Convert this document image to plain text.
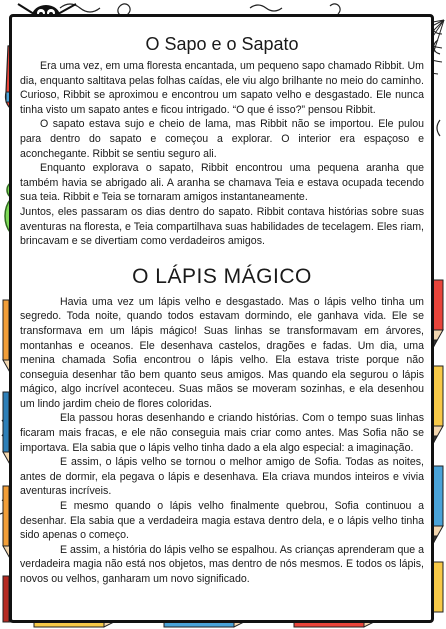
O Sapo e o Sapato

Era uma vez, em uma floresta encantada, um pequeno sapo chamado Ribbit. Um dia, enquanto saltitava pelas folhas caídas, ele viu algo brilhante no meio do caminho. Curioso, Ribbit se aproximou e encontrou um sapato velho e desgastado. Ele nunca tinha visto um sapato antes e ficou intrigado. “O que é isso?” pensou Ribbit.

O sapato estava sujo e cheio de lama, mas Ribbit não se importou. Ele pulou para dentro do sapato e começou a explorar. O interior era espaçoso e aconchegante. Ribbit se sentiu seguro ali.

Enquanto explorava o sapato, Ribbit encontrou uma pequena aranha que também havia se abrigado ali. A aranha se chamava Teia e estava ocupada tecendo sua teia. Ribbit e Teia se tornaram amigos instantaneamente.

Juntos, eles passaram os dias dentro do sapato. Ribbit contava histórias sobre suas aventuras na floresta, e Teia compartilhava suas habilidades de tecelagem. Eles riam, brincavam e se divertiam como verdadeiros amigos.

O LÁPIS MÁGICO

Havia uma vez um lápis velho e desgastado. Mas o lápis velho tinha um segredo. Toda noite, quando todos estavam dormindo, ele ganhava vida. Ele se transformava em um lápis mágico! Suas linhas se transformavam em árvores, montanhas e oceanos. Ele desenhava castelos, dragões e fadas. Um dia, uma menina chamada Sofia encontrou o lápis velho. Ela estava triste porque não conseguia desenhar tão bem quanto seus amigos. Mas quando ela segurou o lápis mágico, algo incrível aconteceu. Suas mãos se moveram sozinhas, e ela desenhou um lindo jardim cheio de flores coloridas.

Ela passou horas desenhando e criando histórias. Com o tempo suas linhas ficaram mais fracas, e ele não conseguia mais criar como antes. Mas Sofia não se importava. Ela sabia que o lápis velho tinha dado a ela algo especial: a imaginação.

E assim, o lápis velho se tornou o melhor amigo de Sofia. Todas as noites, antes de dormir, ela pegava o lápis e desenhava. Ela criava mundos inteiros e vivia aventuras incríveis.

E mesmo quando o lápis velho finalmente quebrou, Sofia continuou a desenhar. Ela sabia que a verdadeira magia estava dentro dela, e o lápis velho tinha sido apenas o começo.

E assim, a história do lápis velho se espalhou. As crianças aprenderam que a verdadeira magia não está nos objetos, mas dentro de nós mesmos. E todos os lápis, novos ou velhos, ganharam um novo significado.
